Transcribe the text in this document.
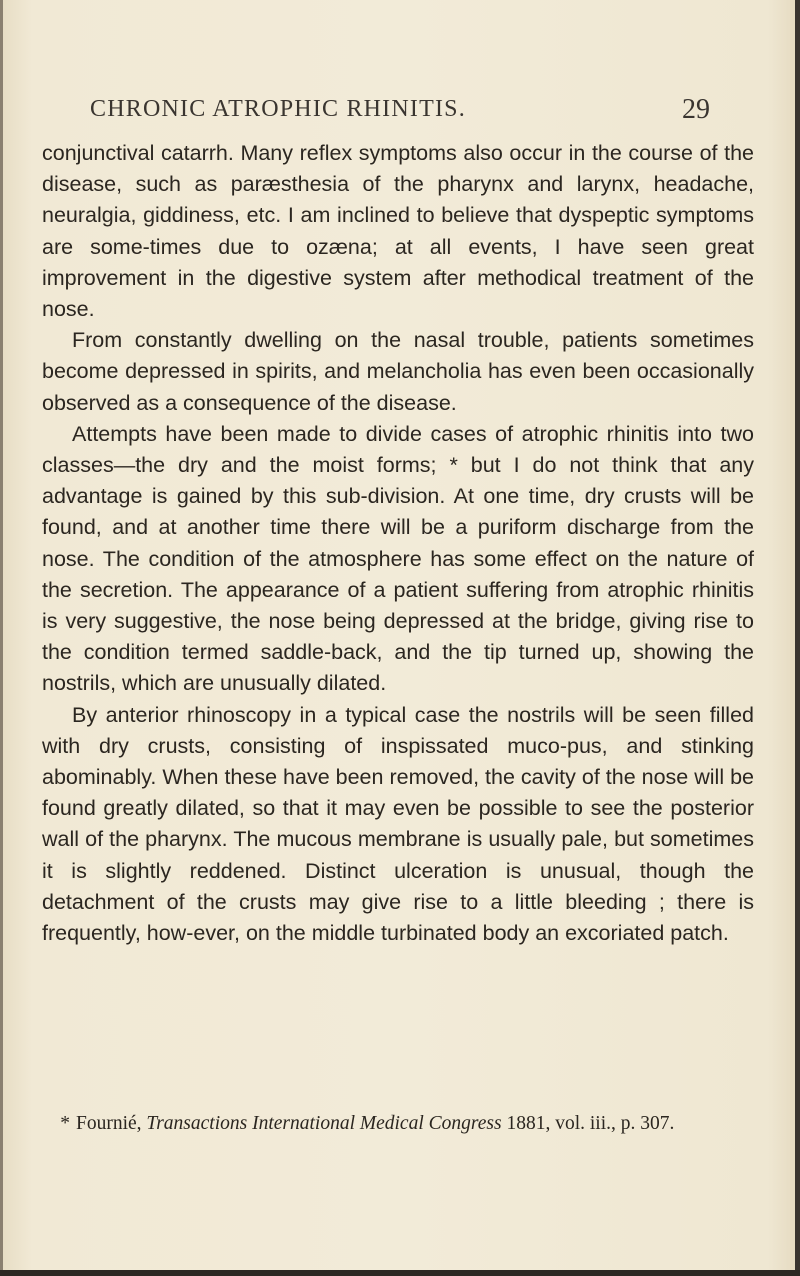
CHRONIC ATROPHIC RHINITIS.	29

conjunctival catarrh. Many reflex symptoms also occur in the course of the disease, such as paræsthesia of the pharynx and larynx, headache, neuralgia, giddiness, etc. I am inclined to believe that dyspeptic symptoms are some-times due to ozæna; at all events, I have seen great improvement in the digestive system after methodical treatment of the nose.

From constantly dwelling on the nasal trouble, patients sometimes become depressed in spirits, and melancholia has even been occasionally observed as a consequence of the disease.

Attempts have been made to divide cases of atrophic rhinitis into two classes—the dry and the moist forms; * but I do not think that any advantage is gained by this sub-division. At one time, dry crusts will be found, and at another time there will be a puriform discharge from the nose. The condition of the atmosphere has some effect on the nature of the secretion. The appearance of a patient suffering from atrophic rhinitis is very suggestive, the nose being depressed at the bridge, giving rise to the condition termed saddle-back, and the tip turned up, showing the nostrils, which are unusually dilated.

By anterior rhinoscopy in a typical case the nostrils will be seen filled with dry crusts, consisting of inspissated muco-pus, and stinking abominably. When these have been removed, the cavity of the nose will be found greatly dilated, so that it may even be possible to see the posterior wall of the pharynx. The mucous membrane is usually pale, but sometimes it is slightly reddened. Distinct ulceration is unusual, though the detachment of the crusts may give rise to a little bleeding ; there is frequently, how-ever, on the middle turbinated body an excoriated patch.

* Fournié, Transactions International Medical Congress 1881, vol. iii., p. 307.
